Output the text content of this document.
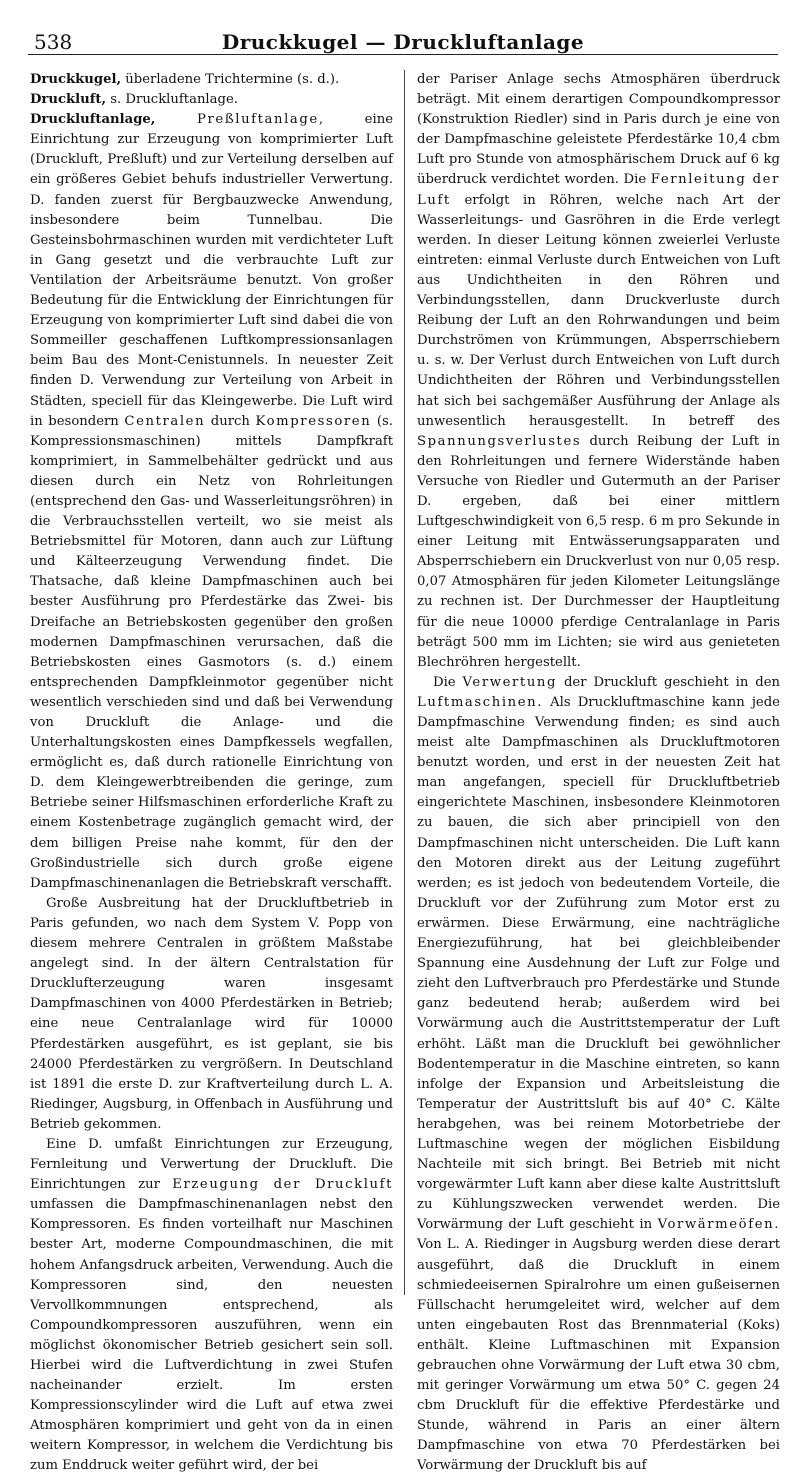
538	Druckkugel — Druckluftanlage

Druckkugel, überladene Trichtermine (s. d.).

Druckluft, s. Druckluftanlage.

Druckluftanlage, Preßluftanlage, eine Einrichtung zur Erzeugung von komprimierter Luft (Druckluft, Preßluft) und zur Verteilung derselben auf ein größeres Gebiet behufs industrieller Verwertung. D. fanden zuerst für Bergbauzwecke Anwendung, insbesondere beim Tunnelbau. Die Gesteinsbohrmaschinen wurden mit verdichteter Luft in Gang gesetzt und die verbrauchte Luft zur Ventilation der Arbeitsräume benutzt. Von großer Bedeutung für die Entwicklung der Einrichtungen für Erzeugung von komprimierter Luft sind dabei die von Sommeiller geschaffenen Luftkompressionsanlagen beim Bau des Mont-Cenistunnels. In neuester Zeit finden D. Verwendung zur Verteilung von Arbeit in Städten, speciell für das Kleingewerbe. Die Luft wird in besondern Centralen durch Kompressoren (s. Kompressionsmaschinen) mittels Dampfkraft komprimiert, in Sammelbehälter gedrückt und aus diesen durch ein Netz von Rohrleitungen (entsprechend den Gas- und Wasserleitungsröhren) in die Verbrauchsstellen verteilt, wo sie meist als Betriebsmittel für Motoren, dann auch zur Lüftung und Kälteerzeugung Verwendung findet. Die Thatsache, daß kleine Dampfmaschinen auch bei bester Ausführung pro Pferdestärke das Zwei- bis Dreifache an Betriebskosten gegenüber den großen modernen Dampfmaschinen verursachen, daß die Betriebskosten eines Gasmotors (s. d.) einem entsprechenden Dampfkleinmotor gegenüber nicht wesentlich verschieden sind und daß bei Verwendung von Druckluft die Anlage- und die Unterhaltungskosten eines Dampfkessels wegfallen, ermöglicht es, daß durch rationelle Einrichtung von D. dem Kleingewerbtreibenden die geringe, zum Betriebe seiner Hilfsmaschinen erforderliche Kraft zu einem Kostenbetrage zugänglich gemacht wird, der dem billigen Preise nahe kommt, für den der Großindustrielle sich durch große eigene Dampfmaschinenanlagen die Betriebskraft verschafft.

Große Ausbreitung hat der Druckluftbetrieb in Paris gefunden, wo nach dem System V. Popp von diesem mehrere Centralen in größtem Maßstabe angelegt sind. In der ältern Centralstation für Drucklufterzeugung waren insgesamt Dampfmaschinen von 4000 Pferdestärken in Betrieb; eine neue Centralanlage wird für 10000 Pferdestärken ausgeführt, es ist geplant, sie bis 24000 Pferdestärken zu vergrößern. In Deutschland ist 1891 die erste D. zur Kraftverteilung durch L. A. Riedinger, Augsburg, in Offenbach in Ausführung und Betrieb gekommen.

Eine D. umfaßt Einrichtungen zur Erzeugung, Fernleitung und Verwertung der Druckluft. Die Einrichtungen zur Erzeugung der Druckluft umfassen die Dampfmaschinenanlagen nebst den Kompressoren. Es finden vorteilhaft nur Maschinen bester Art, moderne Compoundmaschinen, die mit hohem Anfangsdruck arbeiten, Verwendung. Auch die Kompressoren sind, den neuesten Vervollkommnungen entsprechend, als Compoundkompressoren auszuführen, wenn ein möglichst ökonomischer Betrieb gesichert sein soll. Hierbei wird die Luftverdichtung in zwei Stufen nacheinander erzielt. Im ersten Kompressionscylinder wird die Luft auf etwa zwei Atmosphären komprimiert und geht von da in einen weitern Kompressor, in welchem die Verdichtung bis zum Enddruck weiter geführt wird, der bei

der Pariser Anlage sechs Atmosphären überdruck beträgt. Mit einem derartigen Compoundkompressor (Konstruktion Riedler) sind in Paris durch je eine von der Dampfmaschine geleistete Pferdestärke 10,4 cbm Luft pro Stunde von atmosphärischem Druck auf 6 kg überdruck verdichtet worden. Die Fernleitung der Luft erfolgt in Röhren, welche nach Art der Wasserleitungs- und Gasröhren in die Erde verlegt werden. In dieser Leitung können zweierlei Verluste eintreten: einmal Verluste durch Entweichen von Luft aus Undichtheiten in den Röhren und Verbindungsstellen, dann Druckverluste durch Reibung der Luft an den Rohrwandungen und beim Durchströmen von Krümmungen, Absperrschiebern u. s. w. Der Verlust durch Entweichen von Luft durch Undichtheiten der Röhren und Verbindungsstellen hat sich bei sachgemäßer Ausführung der Anlage als unwesentlich herausgestellt. In betreff des Spannungsverlustes durch Reibung der Luft in den Rohrleitungen und fernere Widerstände haben Versuche von Riedler und Gutermuth an der Pariser D. ergeben, daß bei einer mittlern Luftgeschwindigkeit von 6,5 resp. 6 m pro Sekunde in einer Leitung mit Entwässerungsapparaten und Absperrschiebern ein Druckverlust von nur 0,05 resp. 0,07 Atmosphären für jeden Kilometer Leitungslänge zu rechnen ist. Der Durchmesser der Hauptleitung für die neue 10000 pferdige Centralanlage in Paris beträgt 500 mm im Lichten; sie wird aus genieteten Blechröhren hergestellt.

Die Verwertung der Druckluft geschieht in den Luftmaschinen. Als Druckluftmaschine kann jede Dampfmaschine Verwendung finden; es sind auch meist alte Dampfmaschinen als Druckluftmotoren benutzt worden, und erst in der neuesten Zeit hat man angefangen, speciell für Druckluftbetrieb eingerichtete Maschinen, insbesondere Kleinmotoren zu bauen, die sich aber principiell von den Dampfmaschinen nicht unterscheiden. Die Luft kann den Motoren direkt aus der Leitung zugeführt werden; es ist jedoch von bedeutendem Vorteile, die Druckluft vor der Zuführung zum Motor erst zu erwärmen. Diese Erwärmung, eine nachträgliche Energiezuführung, hat bei gleichbleibender Spannung eine Ausdehnung der Luft zur Folge und zieht den Luftverbrauch pro Pferdestärke und Stunde ganz bedeutend herab; außerdem wird bei Vorwärmung auch die Austrittstemperatur der Luft erhöht. Läßt man die Druckluft bei gewöhnlicher Bodentemperatur in die Maschine eintreten, so kann infolge der Expansion und Arbeitsleistung die Temperatur der Austrittsluft bis auf 40° C. Kälte herabgehen, was bei reinem Motorbetriebe der Luftmaschine wegen der möglichen Eisbildung Nachteile mit sich bringt. Bei Betrieb mit nicht vorgewärmter Luft kann aber diese kalte Austrittsluft zu Kühlungszwecken verwendet werden. Die Vorwärmung der Luft geschieht in Vorwärmeöfen. Von L. A. Riedinger in Augsburg werden diese derart ausgeführt, daß die Druckluft in einem schmiedeeisernen Spiralrohre um einen gußeisernen Füllschacht herumgeleitet wird, welcher auf dem unten eingebauten Rost das Brennmaterial (Koks) enthält. Kleine Luftmaschinen mit Expansion gebrauchen ohne Vorwärmung der Luft etwa 30 cbm, mit geringer Vorwärmung um etwa 50° C. gegen 24 cbm Druckluft für die effektive Pferdestärke und Stunde, während in Paris an einer ältern Dampfmaschine von etwa 70 Pferdestärken bei Vorwärmung der Druckluft bis auf
